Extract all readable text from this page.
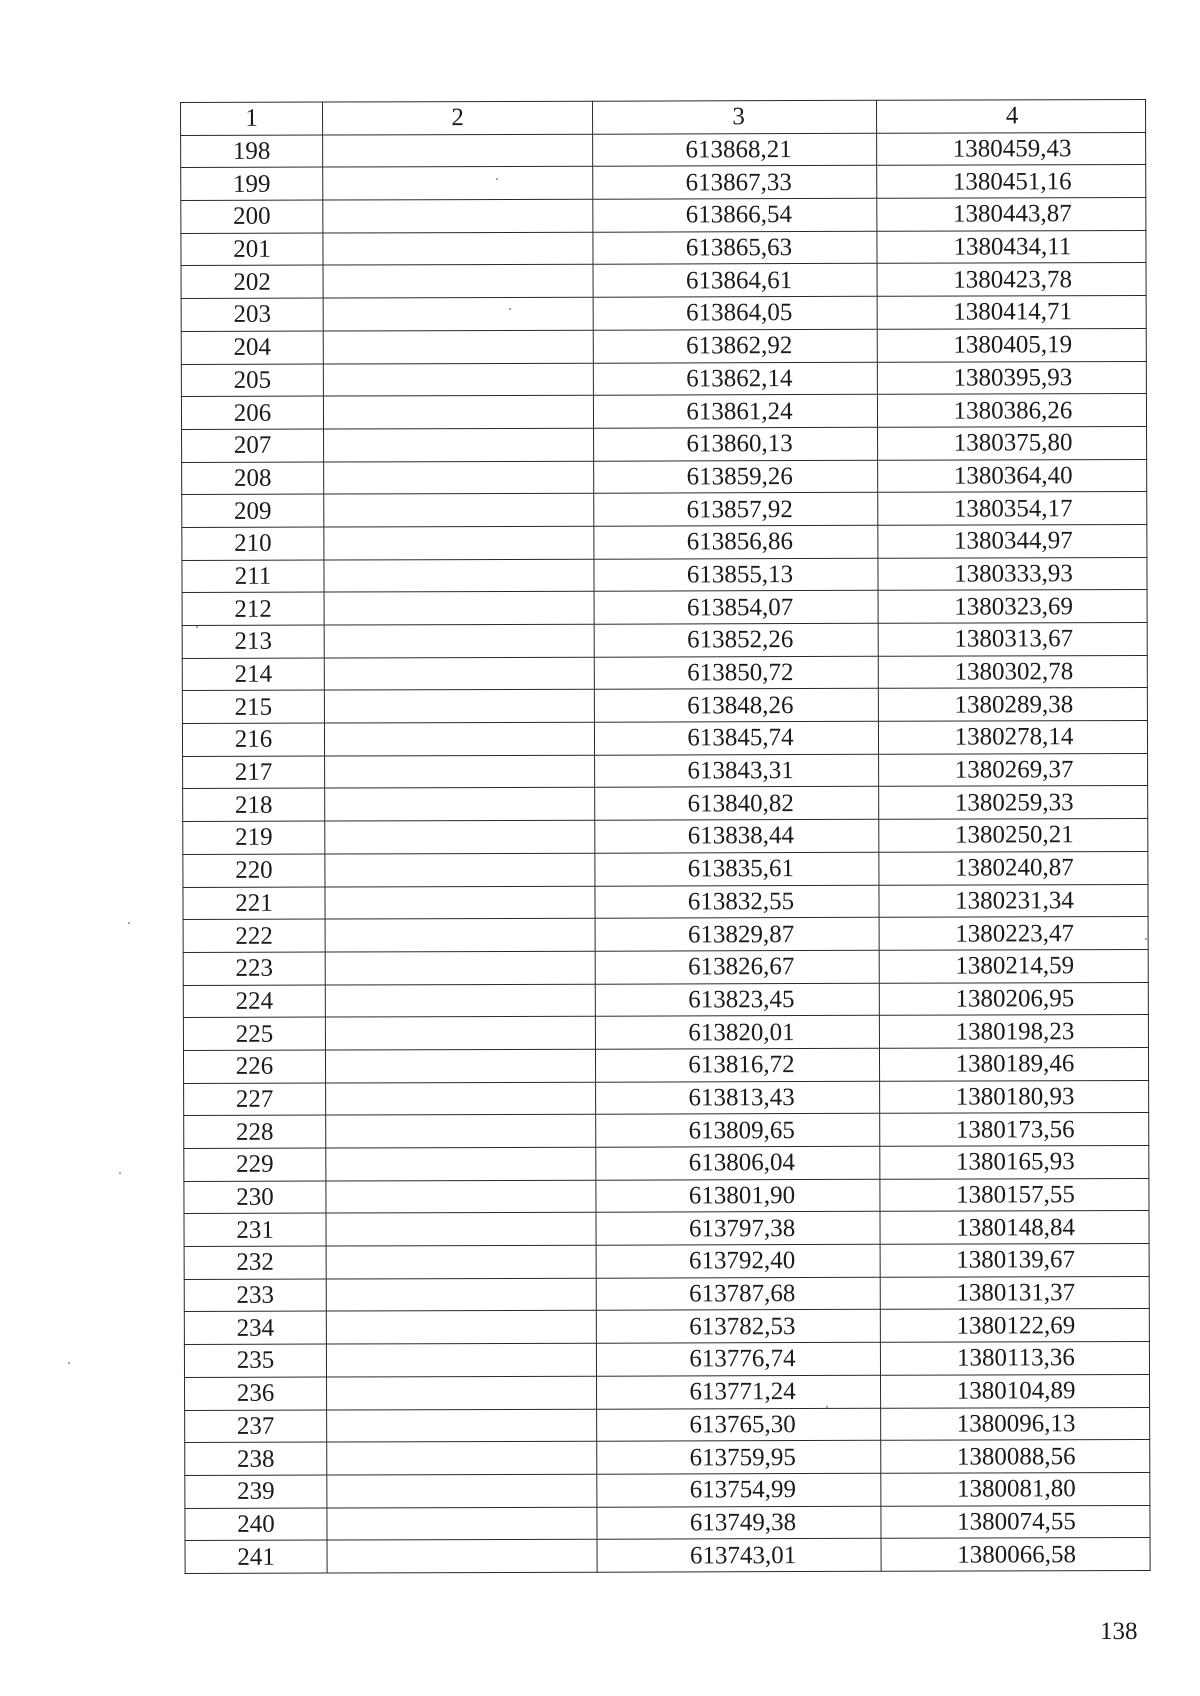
1	2	3	4
198		613868,21	1380459,43
199		613867,33	1380451,16
200		613866,54	1380443,87
201		613865,63	1380434,11
202		613864,61	1380423,78
203		613864,05	1380414,71
204		613862,92	1380405,19
205		613862,14	1380395,93
206		613861,24	1380386,26
207		613860,13	1380375,80
208		613859,26	1380364,40
209		613857,92	1380354,17
210		613856,86	1380344,97
211		613855,13	1380333,93
212		613854,07	1380323,69
213		613852,26	1380313,67
214		613850,72	1380302,78
215		613848,26	1380289,38
216		613845,74	1380278,14
217		613843,31	1380269,37
218		613840,82	1380259,33
219		613838,44	1380250,21
220		613835,61	1380240,87
221		613832,55	1380231,34
222		613829,87	1380223,47
223		613826,67	1380214,59
224		613823,45	1380206,95
225		613820,01	1380198,23
226		613816,72	1380189,46
227		613813,43	1380180,93
228		613809,65	1380173,56
229		613806,04	1380165,93
230		613801,90	1380157,55
231		613797,38	1380148,84
232		613792,40	1380139,67
233		613787,68	1380131,37
234		613782,53	1380122,69
235		613776,74	1380113,36
236		613771,24	1380104,89
237		613765,30	1380096,13
238		613759,95	1380088,56
239		613754,99	1380081,80
240		613749,38	1380074,55
241		613743,01	1380066,58
138
